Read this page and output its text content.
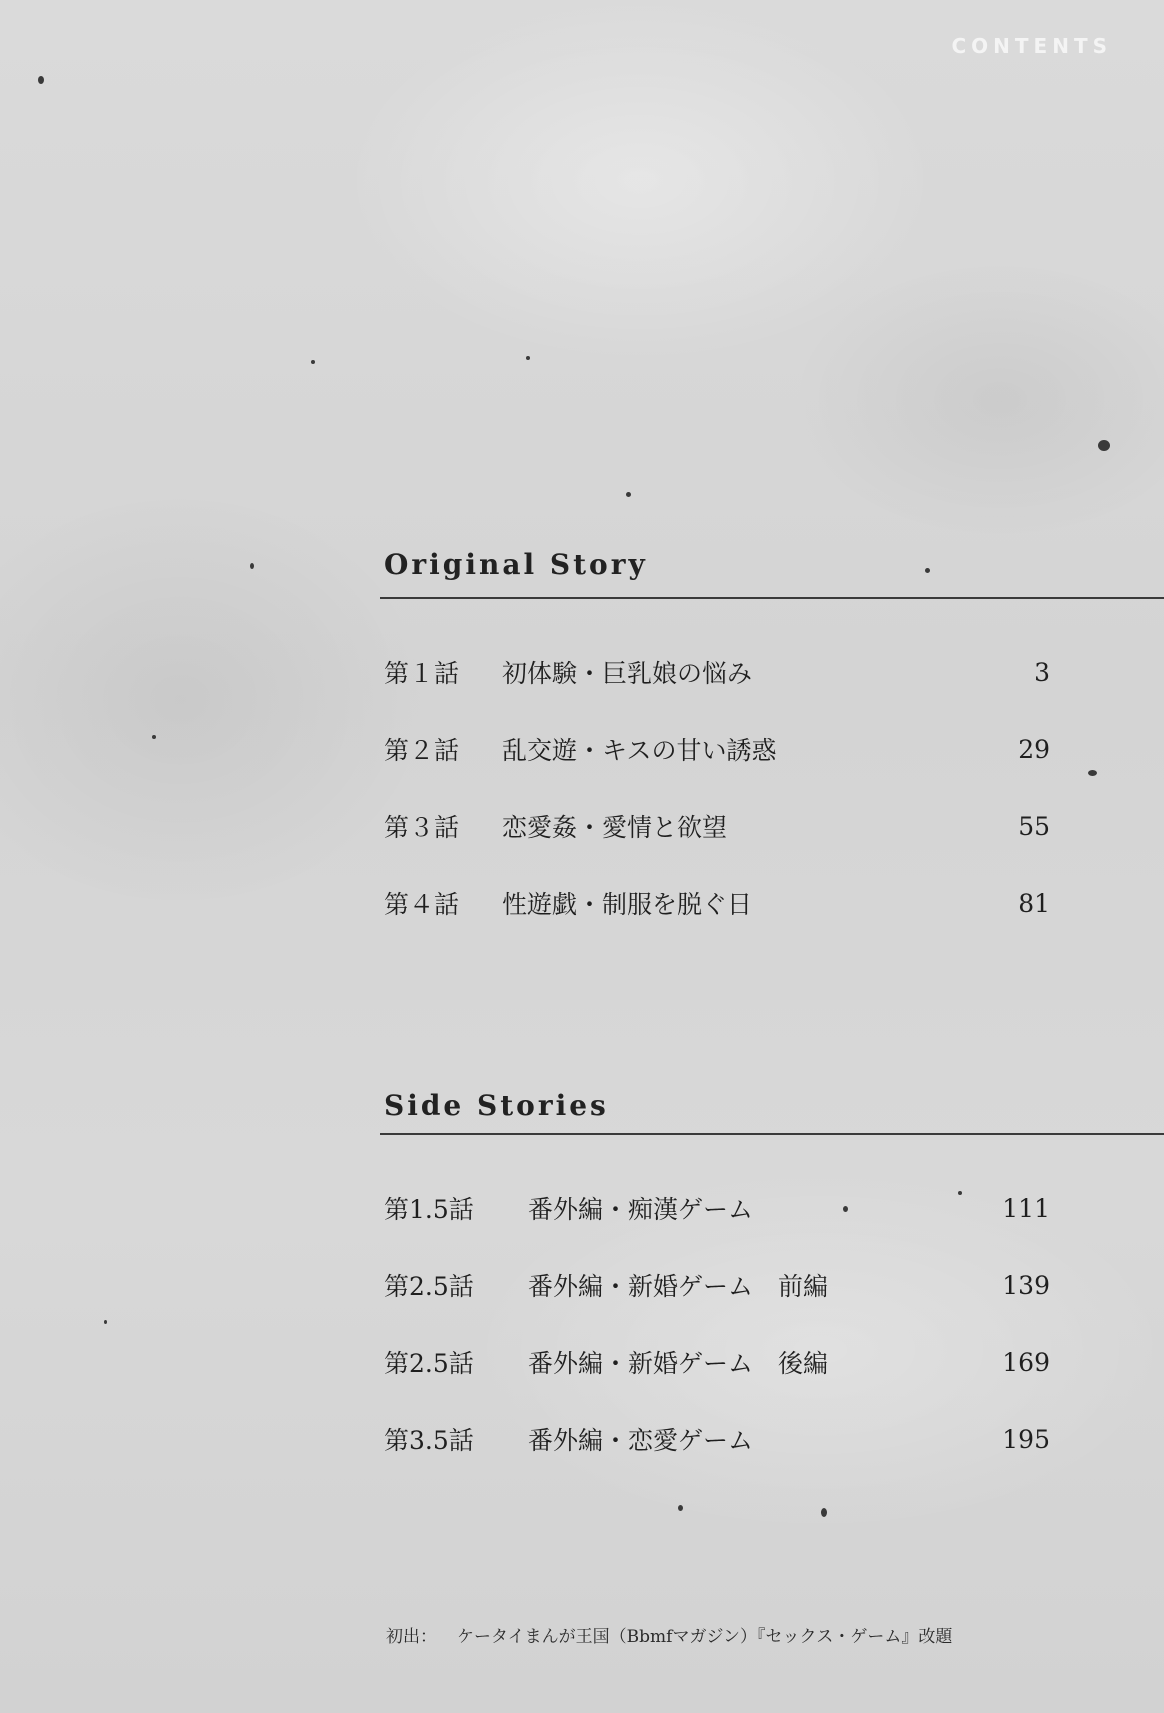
CONTENTS
Original Story
第１話	初体験・巨乳娘の悩み	3
第２話	乱交遊・キスの甘い誘惑	29
第３話	恋愛姦・愛情と欲望	55
第４話	性遊戯・制服を脱ぐ日	81
Side Stories
第1.5話	番外編・痴漢ゲーム	111
第2.5話	番外編・新婚ゲーム　前編	139
第2.5話	番外編・新婚ゲーム　後編	169
第3.5話	番外編・恋愛ゲーム	195
初出： ケータイまんが王国（Bbmfマガジン）『セックス・ゲーム』改題
